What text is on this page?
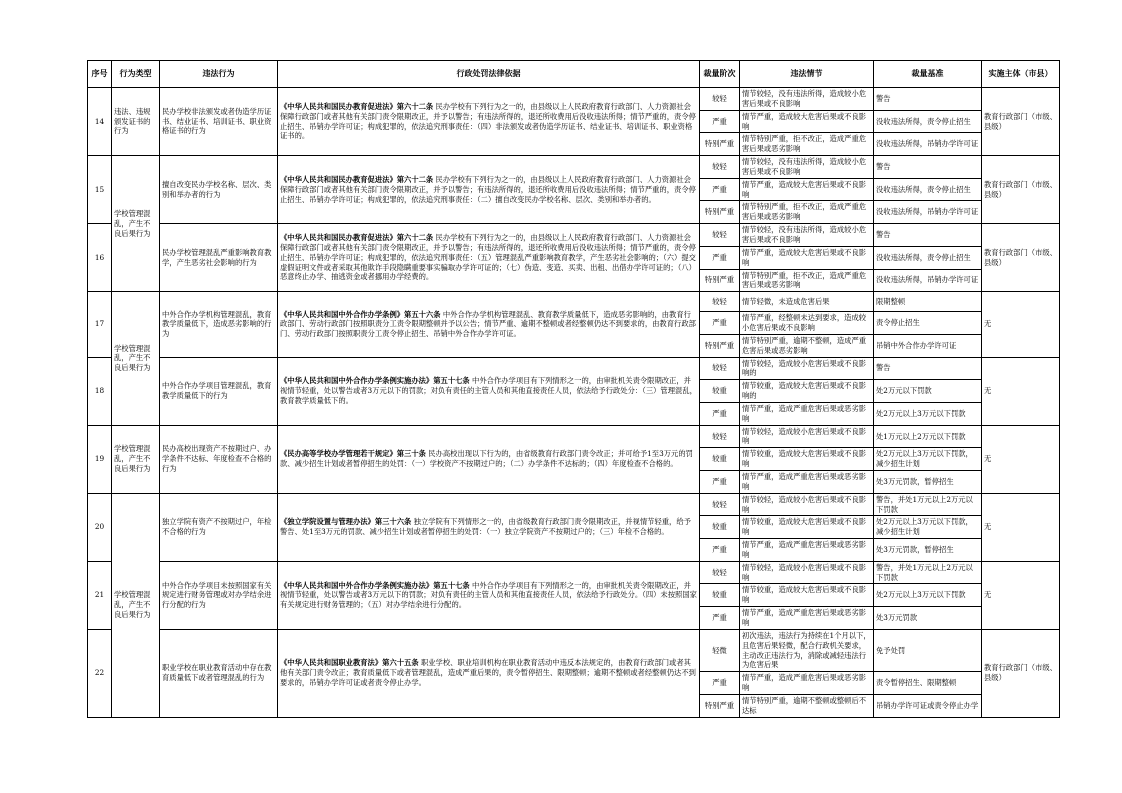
序号	行为类型	违法行为	行政处罚法律依据	裁量阶次	违法情节	裁量基准	实施主体（市县）
14	违法、违规颁发证书的行为	民办学校非法颁发或者伪造学历证书、结业证书、培训证书、职业资格证书的行为	《中华人民共和国民办教育促进法》第六十二条 民办学校有下列行为之一的，由县级以上人民政府教育行政部门、人力资源社会保障行政部门或者其他有关部门责令限期改正，并予以警告；有违法所得的，退还所收费用后没收违法所得；情节严重的，责令停止招生、吊销办学许可证；构成犯罪的，依法追究刑事责任：（四）非法颁发或者伪造学历证书、结业证书、培训证书、职业资格证书的。	较轻	情节较轻，没有违法所得，造成较小危害后果或不良影响	警告	教育行政部门（市级、县级）
				严重	情节严重，造成较大危害后果或不良影响	没收违法所得，责令停止招生	
				特别严重	情节特别严重，拒不改正，造成严重危害后果或恶劣影响	没收违法所得，吊销办学许可证	
15	学校管理混乱，产生不良后果行为	擅自改变民办学校名称、层次、类别和举办者的行为	《中华人民共和国民办教育促进法》第六十二条 民办学校有下列行为之一的，由县级以上人民政府教育行政部门、人力资源社会保障行政部门或者其他有关部门责令限期改正，并予以警告；有违法所得的，退还所收费用后没收违法所得；情节严重的，责令停止招生、吊销办学许可证；构成犯罪的，依法追究刑事责任：（二）擅自改变民办学校名称、层次、类别和举办者的。	较轻	情节较轻，没有违法所得，造成较小危害后果或不良影响	警告	教育行政部门（市级、县级）
				严重	情节严重，造成较大危害后果或不良影响	没收违法所得，责令停止招生	
				特别严重	情节特别严重，拒不改正，造成严重危害后果或恶劣影响	没收违法所得，吊销办学许可证	
16		民办学校管理混乱严重影响教育教学，产生恶劣社会影响的行为	《中华人民共和国民办教育促进法》第六十二条 民办学校有下列行为之一的，由县级以上人民政府教育行政部门、人力资源社会保障行政部门或者其他有关部门责令限期改正，并予以警告；有违法所得的，退还所收费用后没收违法所得；情节严重的，责令停止招生、吊销办学许可证；构成犯罪的，依法追究刑事责任：（五）管理混乱严重影响教育教学，产生恶劣社会影响的；（六）提交虚假证明文件或者采取其他欺诈手段隐瞒重要事实骗取办学许可证的；（七）伪造、变造、买卖、出租、出借办学许可证的；（八）恶意终止办学、抽逃资金或者挪用办学经费的。	较轻	情节较轻，没有违法所得，造成较小危害后果或不良影响	警告	教育行政部门（市级、县级）
				严重	情节严重，造成较大危害后果或不良影响	没收违法所得，责令停止招生	
				特别严重	情节特别严重，拒不改正，造成严重危害后果或恶劣影响	没收违法所得，吊销办学许可证	
17	学校管理混乱，产生不良后果行为	中外合作办学机构管理混乱，教育教学质量低下，造成恶劣影响的行为	《中华人民共和国中外合作办学条例》第五十六条 中外合作办学机构管理混乱、教育教学质量低下，造成恶劣影响的，由教育行政部门、劳动行政部门按照职责分工责令限期整顿并予以公告；情节严重、逾期不整顿或者经整顿仍达不到要求的，由教育行政部门、劳动行政部门按照职责分工责令停止招生、吊销中外合作办学许可证。	较轻	情节轻微，未造成危害后果	限期整顿	无
				严重	情节严重，经整顿未达到要求，造成较小危害后果或不良影响	责令停止招生	
				特别严重	情节特别严重，逾期不整顿，造成严重危害后果或恶劣影响	吊销中外合作办学许可证	
18		中外合作办学项目管理混乱，教育教学质量低下的行为	《中华人民共和国中外合作办学条例实施办法》第五十七条 中外合作办学项目有下列情形之一的，由审批机关责令限期改正，并视情节轻重，处以警告或者3万元以下的罚款；对负有责任的主管人员和其他直接责任人员，依法给予行政处分：（三）管理混乱，教育教学质量低下的。	较轻	情节较轻，造成较小危害后果或不良影响的	警告	无
				较重	情节较重，造成较大危害后果或不良影响的	处2万元以下罚款	
				严重	情节严重，造成严重危害后果或恶劣影响	处2万元以上3万元以下罚款	
19	学校管理混乱，产生不良后果行为	民办高校出现资产不按期过户、办学条件不达标、年度检查不合格的行为	《民办高等学校办学管理若干规定》第三十条 民办高校出现以下行为的，由省级教育行政部门责令改正；并可给予1至3万元的罚款、减少招生计划或者暂停招生的处罚：（一）学校资产不按期过户的；（二）办学条件不达标的；（四）年度检查不合格的。	较轻	情节较轻，造成较小危害后果或不良影响	处1万元以上2万元以下罚款	无
				较重	情节较重，造成较大危害后果或不良影响	处2万元以上3万元以下罚款，减少招生计划	
				严重	情节严重，造成严重危害后果或恶劣影响	处3万元罚款，暂停招生	
20	学校管理混乱，产生不良后果行为	独立学院有资产不按期过户，年检不合格的行为	《独立学院设置与管理办法》第三十六条 独立学院有下列情形之一的，由省级教育行政部门责令限期改正，并视情节轻重，给予警告、处1至3万元的罚款、减少招生计划或者暂停招生的处罚：（一）独立学院资产不按期过户的；（三）年检不合格的。	较轻	情节较轻，造成较小危害后果或不良影响	警告，并处1万元以上2万元以下罚款	无
				较重	情节较重，造成较大危害后果或不良影响	处2万元以上3万元以下罚款，减少招生计划	
				严重	情节严重，造成严重危害后果或恶劣影响	处3万元罚款，暂停招生	
21		中外合作办学项目未按照国家有关规定进行财务管理或对办学结余进行分配的行为	《中华人民共和国中外合作办学条例实施办法》第五十七条 中外合作办学项目有下列情形之一的，由审批机关责令限期改正，并视情节轻重，处以警告或者3万元以下的罚款；对负有责任的主管人员和其他直接责任人员，依法给予行政处分。（四）未按照国家有关规定进行财务管理的；（五）对办学结余进行分配的。	较轻	情节较轻，造成较小危害后果或不良影响	警告，并处1万元以上2万元以下罚款	无
				较重	情节较重，造成较大危害后果或不良影响	处2万元以上3万元以下罚款	
				严重	情节严重，造成严重危害后果或恶劣影响	处3万元罚款	
22		职业学校在职业教育活动中存在教育质量低下或者管理混乱的行为	《中华人民共和国职业教育法》第六十五条 职业学校、职业培训机构在职业教育活动中违反本法规定的，由教育行政部门或者其他有关部门责令改正；教育质量低下或者管理混乱，造成严重后果的，责令暂停招生、限期整顿；逾期不整顿或者经整顿仍达不到要求的，吊销办学许可证或者责令停止办学。	轻微	初次违法，违法行为持续在1个月以下，且危害后果轻微，配合行政机关要求，主动改正违法行为，消除或减轻违法行为危害后果	免予处罚	教育行政部门（市级、县级）
				严重	情节严重，造成严重危害后果或恶劣影响	责令暂停招生、限期整顿	
				特别严重	情节特别严重，逾期不整顿或整顿后不达标	吊销办学许可证或责令停止办学	
